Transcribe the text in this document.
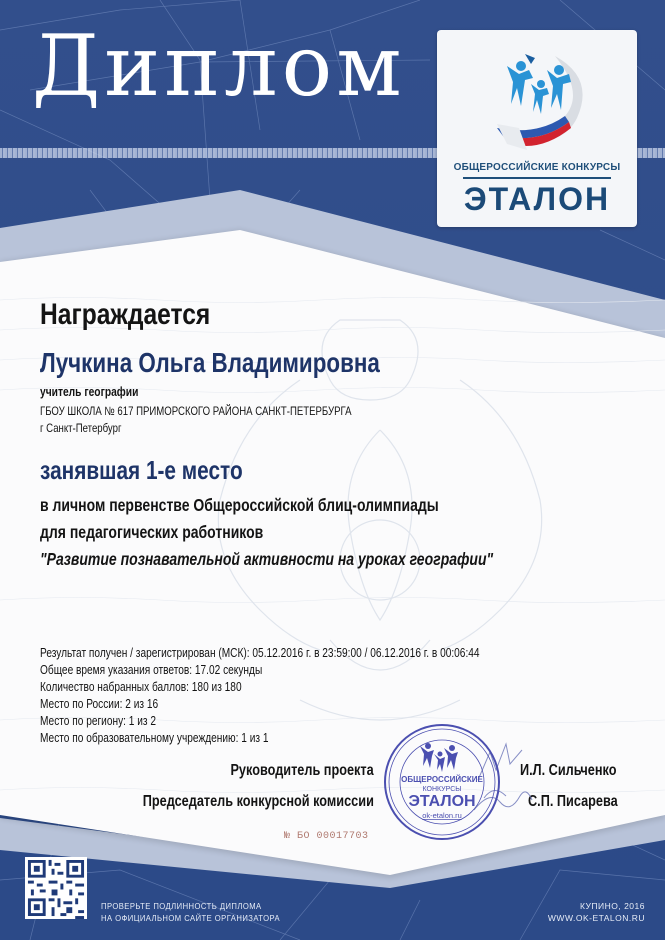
Диплом
ОБЩЕРОССИЙСКИЕ КОНКУРСЫ
ЭТАЛОН
Награждается
Лучкина Ольга Владимировна
учитель географии
ГБОУ ШКОЛА № 617 ПРИМОРСКОГО РАЙОНА САНКТ-ПЕТЕРБУРГА
г Санкт-Петербург
занявшая 1-е место
в личном первенстве Общероссийской блиц-олимпиады
для педагогических работников
"Развитие познавательной активности на уроках географии"
Результат получен / зарегистрирован (МСК): 05.12.2016 г. в 23:59:00 / 06.12.2016 г. в 00:06:44
Общее время указания ответов: 17.02 секунды
Количество набранных баллов: 180 из 180
Место по России: 2 из 16
Место по региону: 1 из 2
Место по образовательному учреждению: 1 из 1
Руководитель проекта	И.Л. Сильченко
Председатель конкурсной комиссии	С.П. Писарева
ОБЩЕРОССИЙСКИЕ
КОНКУРСЫ
ЭТАЛОН
ok-etalon.ru
№ БО 00017703
ПРОВЕРЬТЕ ПОДЛИННОСТЬ ДИПЛОМА
НА ОФИЦИАЛЬНОМ САЙТЕ ОРГАНИЗАТОРА
КУПИНО, 2016
WWW.OK-ETALON.RU
